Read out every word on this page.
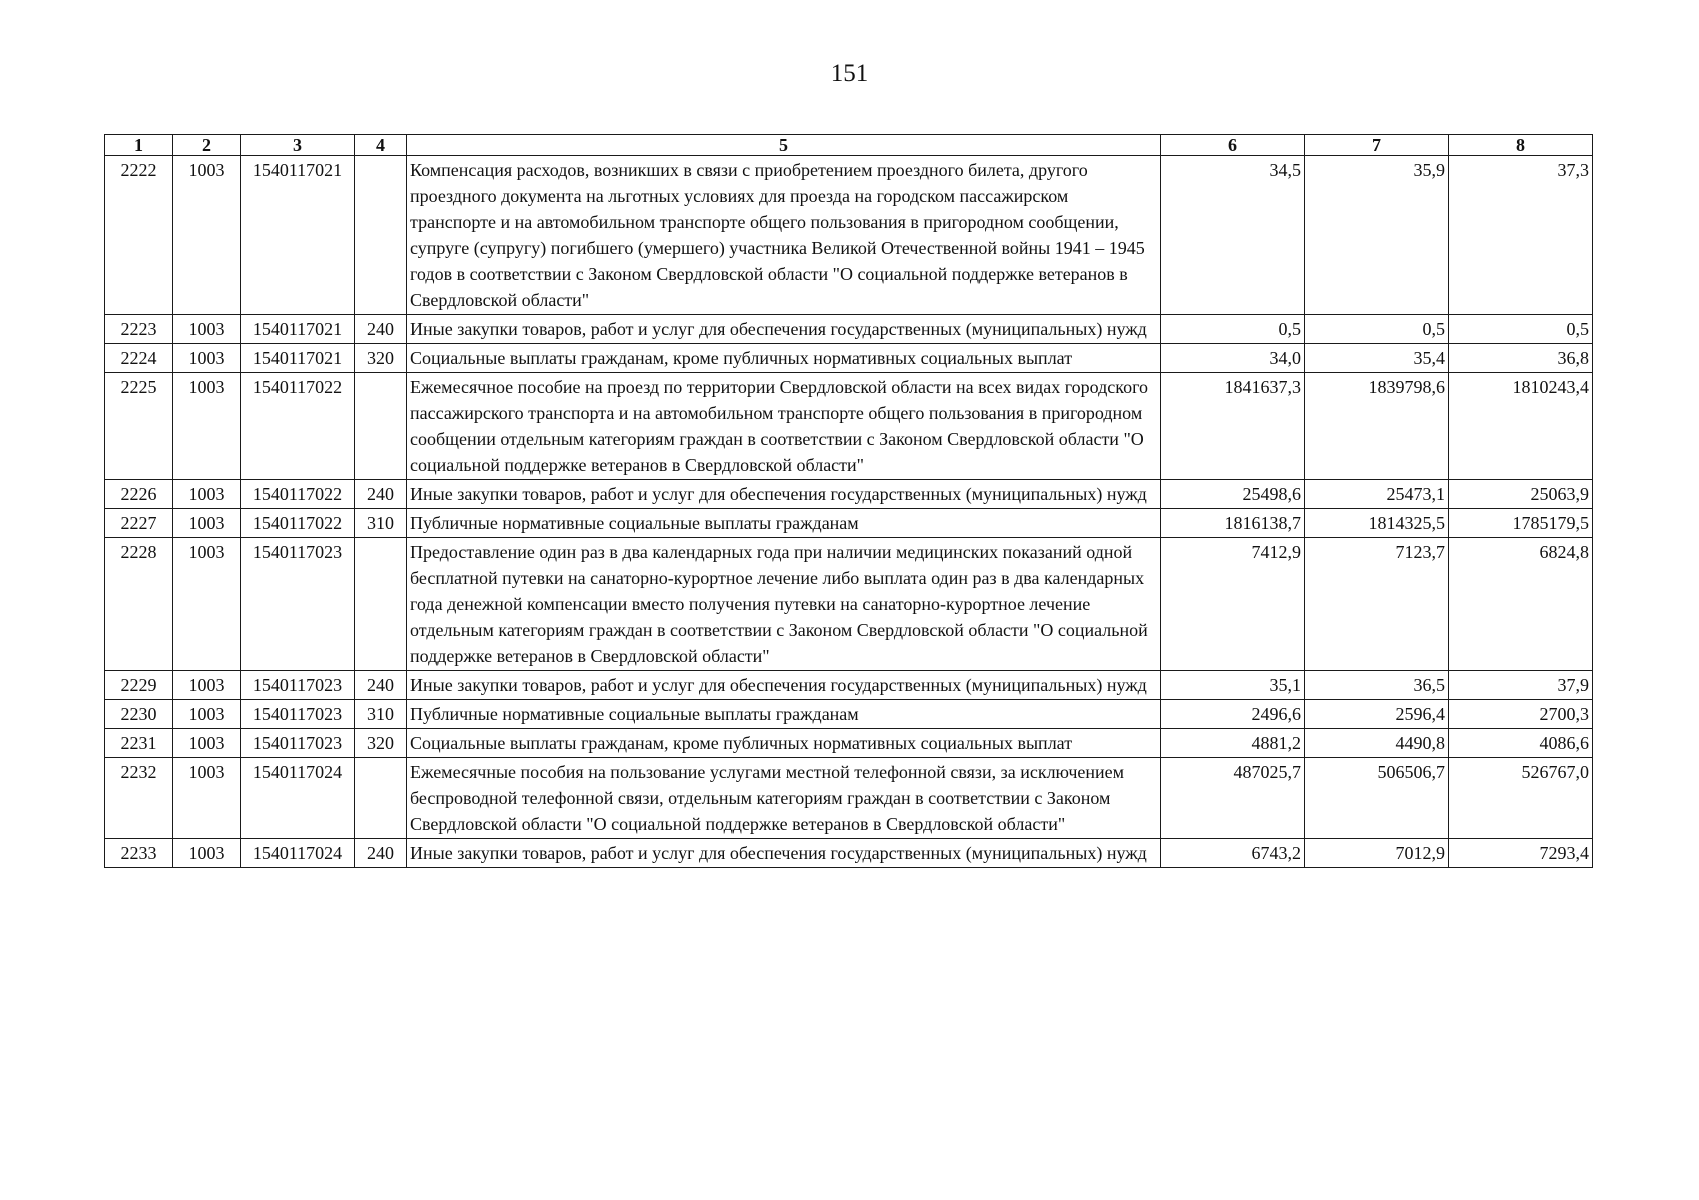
151
1	2	3	4	5	6	7	8
2222	1003	1540117021		Компенсация расходов, возникших в связи с приобретением проездного билета, другого проездного документа на льготных условиях для проезда на городском пассажирском транспорте и на автомобильном транспорте общего пользования в пригородном сообщении, супруге (супругу) погибшего (умершего) участника Великой Отечественной войны 1941 – 1945 годов в соответствии с Законом Свердловской области "О социальной поддержке ветеранов в Свердловской области"	34,5	35,9	37,3
2223	1003	1540117021	240	Иные закупки товаров, работ и услуг для обеспечения государственных (муниципальных) нужд	0,5	0,5	0,5
2224	1003	1540117021	320	Социальные выплаты гражданам, кроме публичных нормативных социальных выплат	34,0	35,4	36,8
2225	1003	1540117022		Ежемесячное пособие на проезд по территории Свердловской области на всех видах городского пассажирского транспорта и на автомобильном транспорте общего пользования в пригородном сообщении отдельным категориям граждан в соответствии с Законом Свердловской области "О социальной поддержке ветеранов в Свердловской области"	1841637,3	1839798,6	1810243,4
2226	1003	1540117022	240	Иные закупки товаров, работ и услуг для обеспечения государственных (муниципальных) нужд	25498,6	25473,1	25063,9
2227	1003	1540117022	310	Публичные нормативные социальные выплаты гражданам	1816138,7	1814325,5	1785179,5
2228	1003	1540117023		Предоставление один раз в два календарных года при наличии медицинских показаний одной бесплатной путевки на санаторно-курортное лечение либо выплата один раз в два календарных года денежной компенсации вместо получения путевки на санаторно-курортное лечение отдельным категориям граждан в соответствии с Законом Свердловской области "О социальной поддержке ветеранов в Свердловской области"	7412,9	7123,7	6824,8
2229	1003	1540117023	240	Иные закупки товаров, работ и услуг для обеспечения государственных (муниципальных) нужд	35,1	36,5	37,9
2230	1003	1540117023	310	Публичные нормативные социальные выплаты гражданам	2496,6	2596,4	2700,3
2231	1003	1540117023	320	Социальные выплаты гражданам, кроме публичных нормативных социальных выплат	4881,2	4490,8	4086,6
2232	1003	1540117024		Ежемесячные пособия на пользование услугами местной телефонной связи, за исключением беспроводной телефонной связи, отдельным категориям граждан в соответствии с Законом Свердловской области "О социальной поддержке ветеранов в Свердловской области"	487025,7	506506,7	526767,0
2233	1003	1540117024	240	Иные закупки товаров, работ и услуг для обеспечения государственных (муниципальных) нужд	6743,2	7012,9	7293,4
